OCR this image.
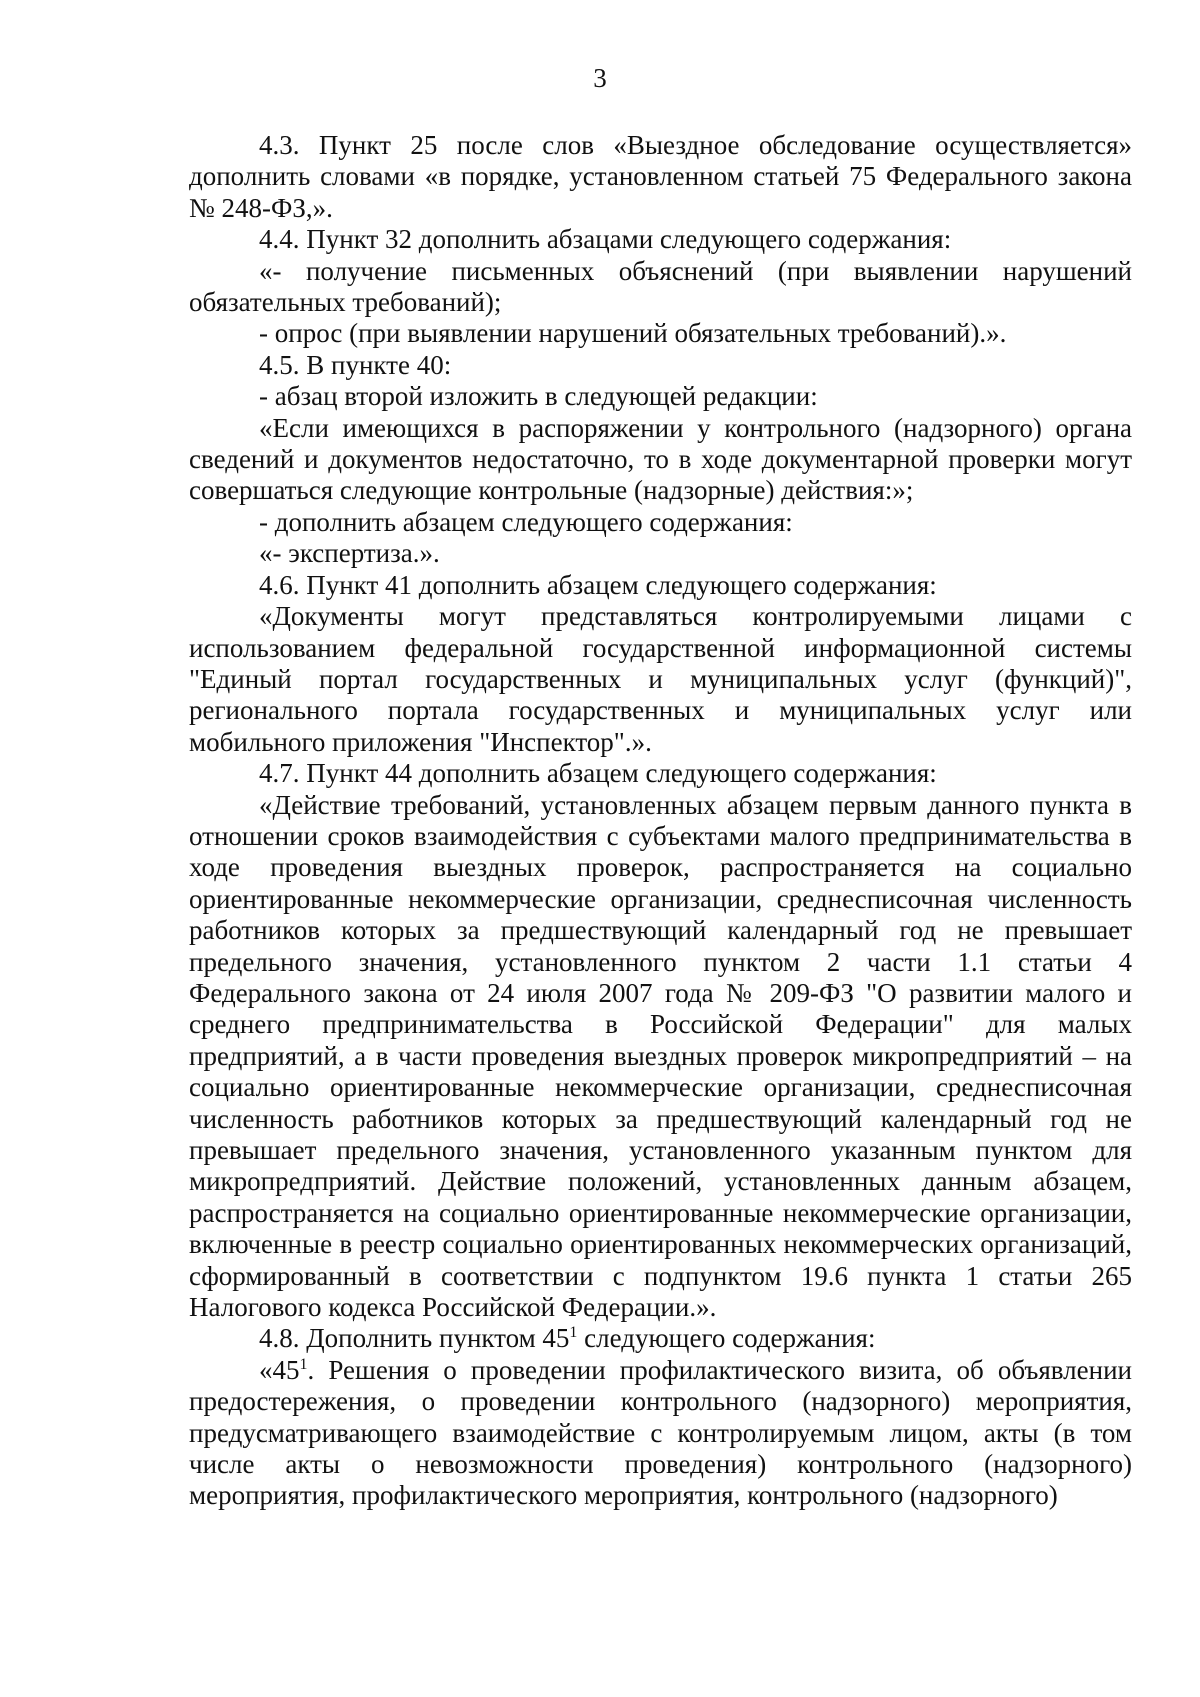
3

4.3. Пункт 25 после слов «Выездное обследование осуществляется» дополнить словами «в порядке, установленном статьей 75 Федерального закона № 248-ФЗ,».

4.4. Пункт 32 дополнить абзацами следующего содержания:

«- получение письменных объяснений (при выявлении нарушений обязательных требований);

- опрос (при выявлении нарушений обязательных требований).».

4.5. В пункте 40:

- абзац второй изложить в следующей редакции:

«Если имеющихся в распоряжении у контрольного (надзорного) органа сведений и документов недостаточно, то в ходе документарной проверки могут совершаться следующие контрольные (надзорные) действия:»;

- дополнить абзацем следующего содержания:

«- экспертиза.».

4.6. Пункт 41 дополнить абзацем следующего содержания:

«Документы могут представляться контролируемыми лицами с использованием федеральной государственной информационной системы "Единый портал государственных и муниципальных услуг (функций)", регионального портала государственных и муниципальных услуг или мобильного приложения "Инспектор".».

4.7. Пункт 44 дополнить абзацем следующего содержания:

«Действие требований, установленных абзацем первым данного пункта в отношении сроков взаимодействия с субъектами малого предпринимательства в ходе проведения выездных проверок, распространяется на социально ориентированные некоммерческие организации, среднесписочная численность работников которых за предшествующий календарный год не превышает предельного значения, установленного пунктом 2 части 1.1 статьи 4 Федерального закона от 24 июля 2007 года № 209-ФЗ "О развитии малого и среднего предпринимательства в Российской Федерации" для малых предприятий, а в части проведения выездных проверок микропредприятий – на социально ориентированные некоммерческие организации, среднесписочная численность работников которых за предшествующий календарный год не превышает предельного значения, установленного указанным пунктом для микропредприятий. Действие положений, установленных данным абзацем, распространяется на социально ориентированные некоммерческие организации, включенные в реестр социально ориентированных некоммерческих организаций, сформированный в соответствии с подпунктом 19.6 пункта 1 статьи 265 Налогового кодекса Российской Федерации.».

4.8. Дополнить пунктом $45^1$ следующего содержания:

«$45^1$. Решения о проведении профилактического визита, об объявлении предостережения, о проведении контрольного (надзорного) мероприятия, предусматривающего взаимодействие с контролируемым лицом, акты (в том числе акты о невозможности проведения) контрольного (надзорного) мероприятия, профилактического мероприятия, контрольного (надзорного)
